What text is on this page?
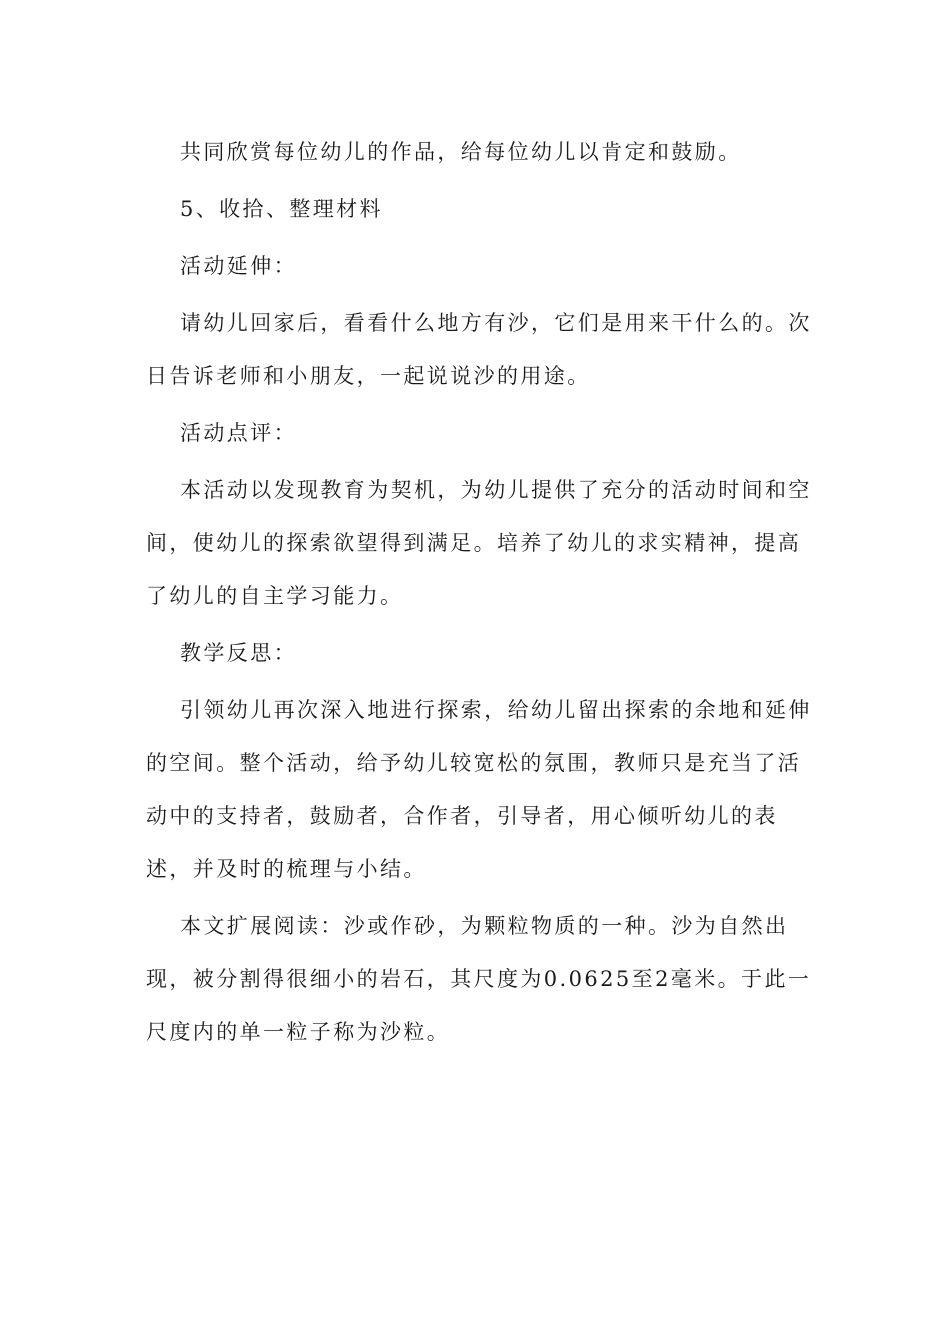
共同欣赏每位幼儿的作品，给每位幼儿以肯定和鼓励。

5、收拾、整理材料

活动延伸：

请幼儿回家后，看看什么地方有沙，它们是用来干什么的。次日告诉老师和小朋友，一起说说沙的用途。

活动点评：

本活动以发现教育为契机，为幼儿提供了充分的活动时间和空间，使幼儿的探索欲望得到满足。培养了幼儿的求实精神，提高了幼儿的自主学习能力。

教学反思：

引领幼儿再次深入地进行探索，给幼儿留出探索的余地和延伸的空间。整个活动，给予幼儿较宽松的氛围，教师只是充当了活动中的支持者，鼓励者，合作者，引导者，用心倾听幼儿的表述，并及时的梳理与小结。

本文扩展阅读：沙或作砂，为颗粒物质的一种。沙为自然出现，被分割得很细小的岩石，其尺度为0.0625至2毫米。于此一尺度内的单一粒子称为沙粒。
